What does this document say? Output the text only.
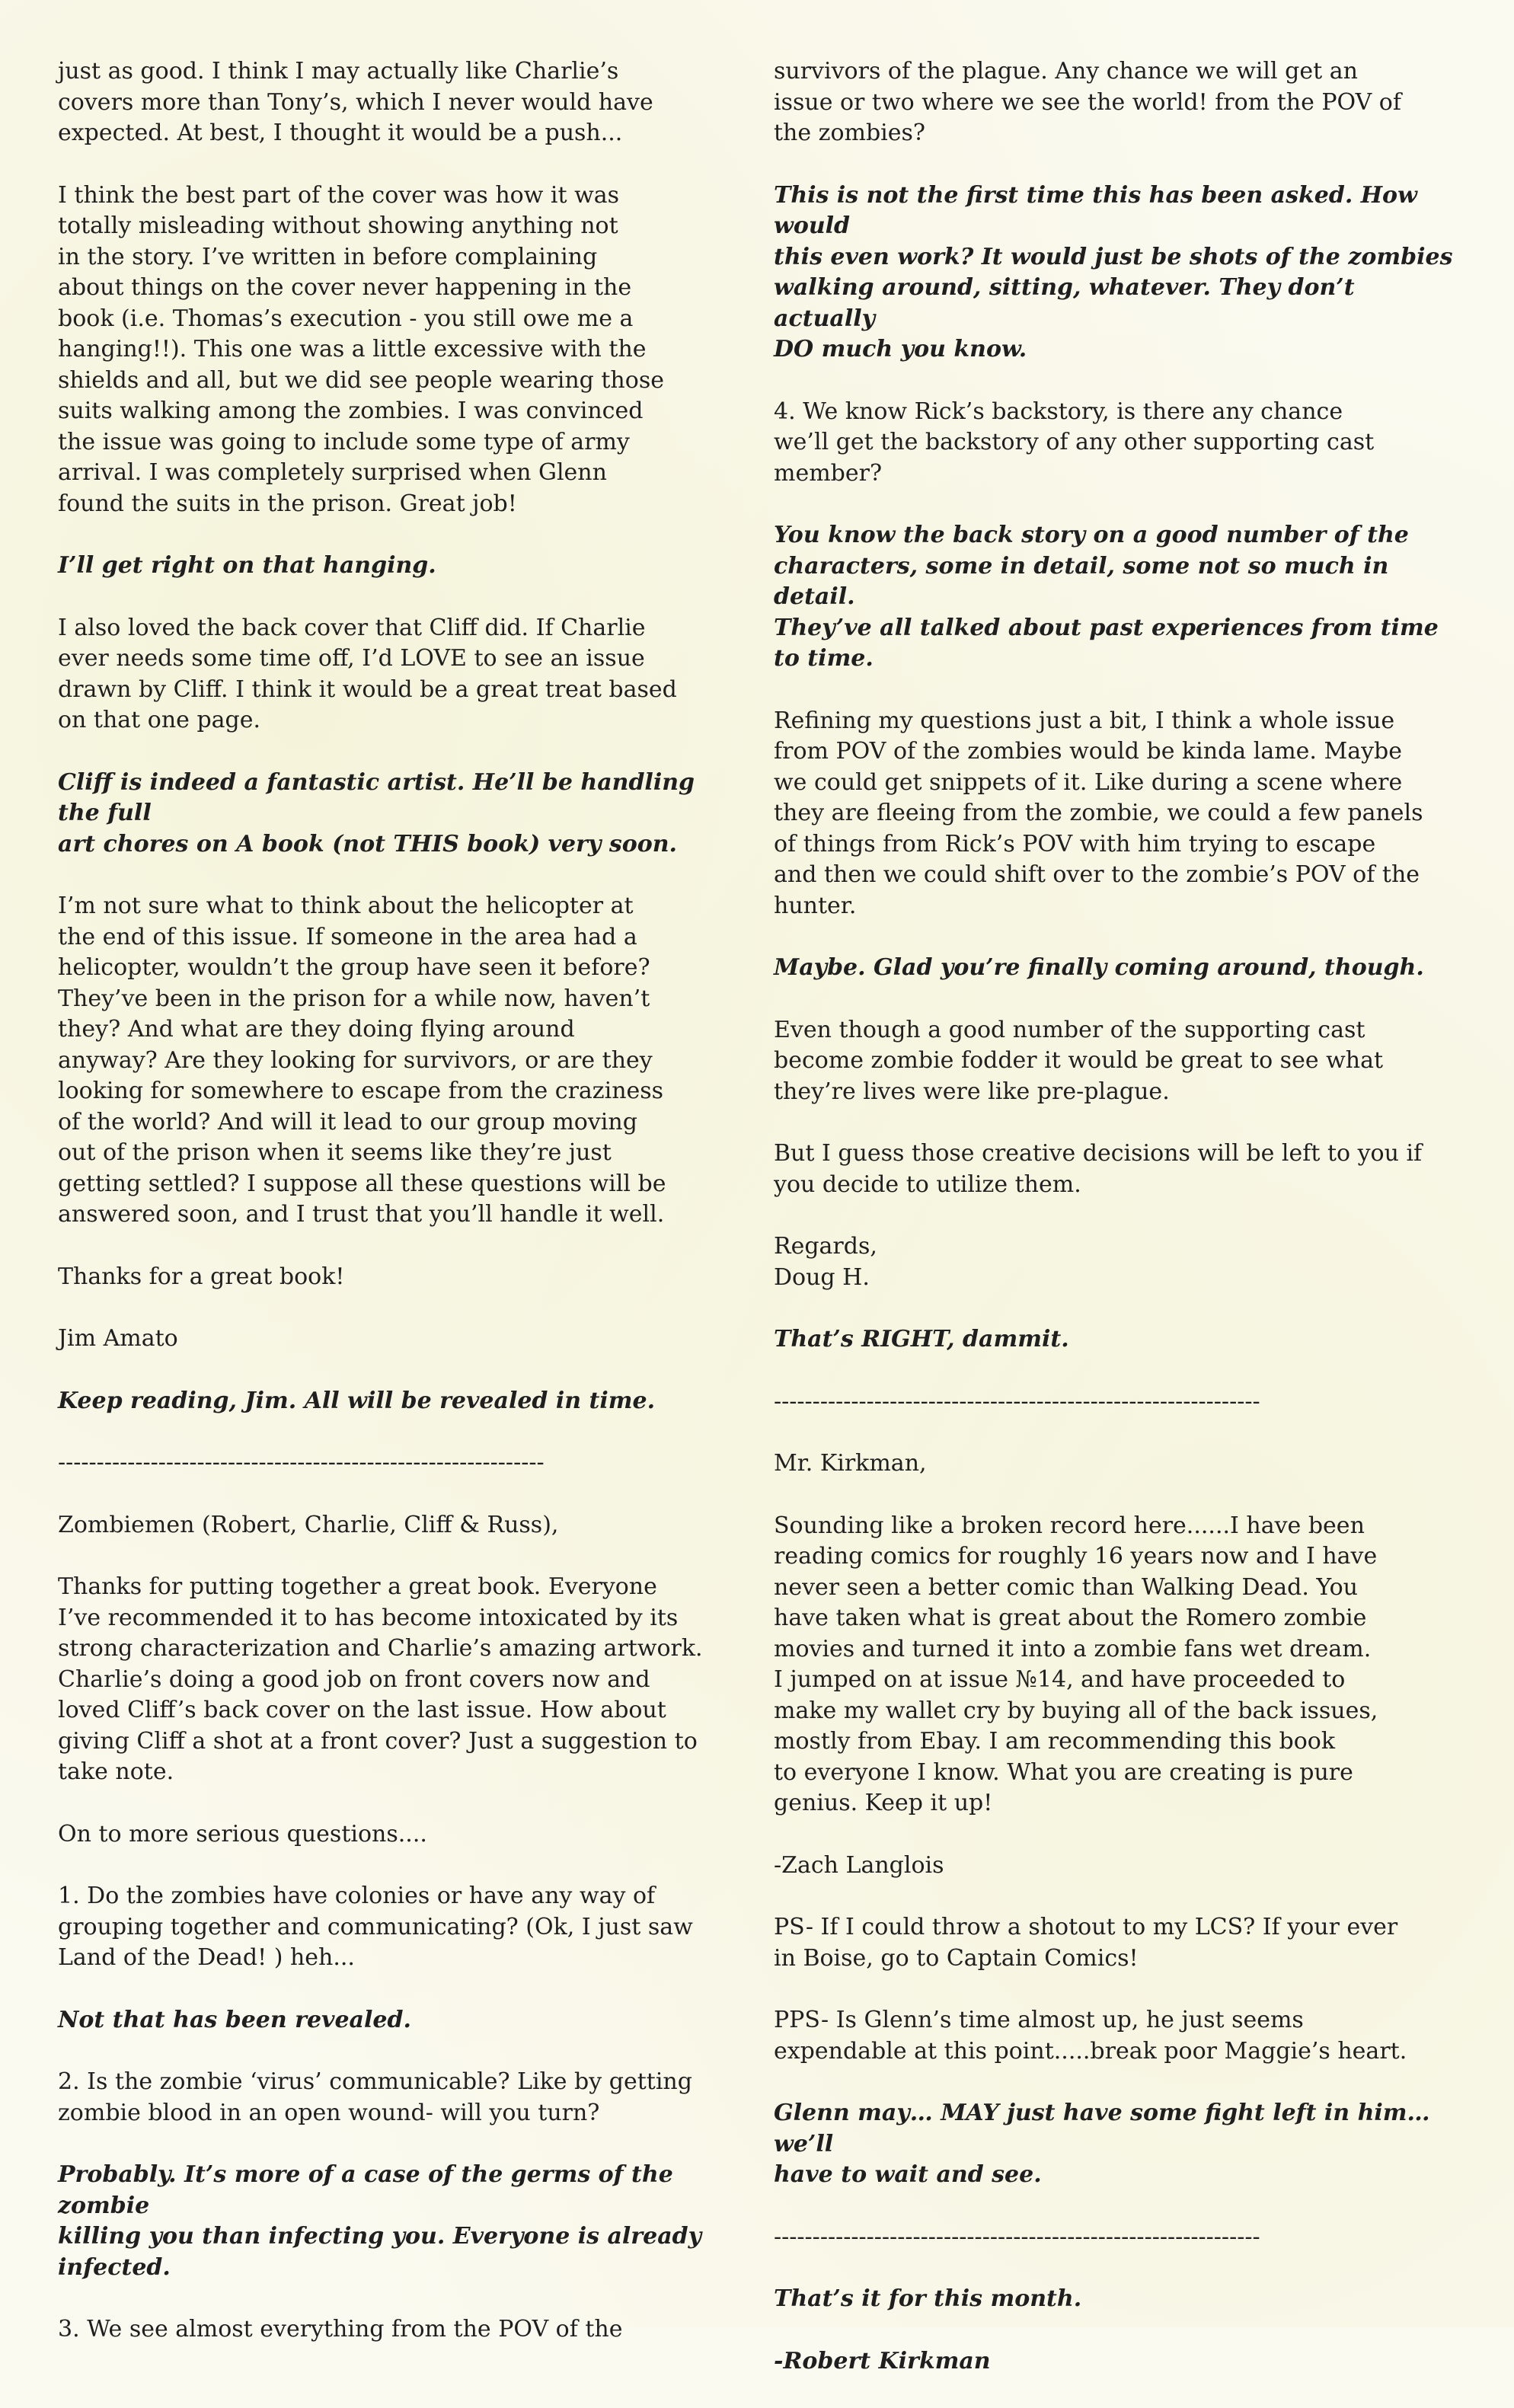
just as good. I think I may actually like Charlie’s
covers more than Tony’s, which I never would have
expected. At best, I thought it would be a push...

I think the best part of the cover was how it was
totally misleading without showing anything not
in the story. I’ve written in before complaining
about things on the cover never happening in the
book (i.e. Thomas’s execution - you still owe me a
hanging!!). This one was a little excessive with the
shields and all, but we did see people wearing those
suits walking among the zombies. I was convinced
the issue was going to include some type of army
arrival. I was completely surprised when Glenn
found the suits in the prison. Great job!

I’ll get right on that hanging.

I also loved the back cover that Cliff did. If Charlie
ever needs some time off, I’d LOVE to see an issue
drawn by Cliff. I think it would be a great treat based
on that one page.

Cliff is indeed a fantastic artist. He’ll be handling the full
art chores on A book (not THIS book) very soon.

I’m not sure what to think about the helicopter at
the end of this issue. If someone in the area had a
helicopter, wouldn’t the group have seen it before?
They’ve been in the prison for a while now, haven’t
they? And what are they doing flying around
anyway? Are they looking for survivors, or are they
looking for somewhere to escape from the craziness
of the world? And will it lead to our group moving
out of the prison when it seems like they’re just
getting settled? I suppose all these questions will be
answered soon, and I trust that you’ll handle it well.

Thanks for a great book!

Jim Amato

Keep reading, Jim. All will be revealed in time.

---------------------------------------------------------------

Zombiemen (Robert, Charlie, Cliff & Russ),

Thanks for putting together a great book. Everyone
I’ve recommended it to has become intoxicated by its
strong characterization and Charlie’s amazing artwork.
Charlie’s doing a good job on front covers now and
loved Cliff’s back cover on the last issue. How about
giving Cliff a shot at a front cover? Just a suggestion to
take note.

On to more serious questions....

1. Do the zombies have colonies or have any way of
grouping together and communicating? (Ok, I just saw
Land of the Dead! ) heh...

Not that has been revealed.

2. Is the zombie ‘virus’ communicable? Like by getting
zombie blood in an open wound- will you turn?

Probably. It’s more of a case of the germs of the zombie
killing you than infecting you. Everyone is already infected.

3. We see almost everything from the POV of the

survivors of the plague. Any chance we will get an
issue or two where we see the world! from the POV of
the zombies?

This is not the first time this has been asked. How would
this even work? It would just be shots of the zombies
walking around, sitting, whatever. They don’t actually
DO much you know.

4. We know Rick’s backstory, is there any chance
we’ll get the backstory of any other supporting cast
member?

You know the back story on a good number of the
characters, some in detail, some not so much in detail.
They’ve all talked about past experiences from time to time.

Refining my questions just a bit, I think a whole issue
from POV of the zombies would be kinda lame. Maybe
we could get snippets of it. Like during a scene where
they are fleeing from the zombie, we could a few panels
of things from Rick’s POV with him trying to escape
and then we could shift over to the zombie’s POV of the
hunter.

Maybe. Glad you’re finally coming around, though.

Even though a good number of the supporting cast
become zombie fodder it would be great to see what
they’re lives were like pre-plague.

But I guess those creative decisions will be left to you if
you decide to utilize them.

Regards,
Doug H.

That’s RIGHT, dammit.

---------------------------------------------------------------

Mr. Kirkman,

Sounding like a broken record here......I have been
reading comics for roughly 16 years now and I have
never seen a better comic than Walking Dead. You
have taken what is great about the Romero zombie
movies and turned it into a zombie fans wet dream.
I jumped on at issue №14, and have proceeded to
make my wallet cry by buying all of the back issues,
mostly from Ebay. I am recommending this book
to everyone I know. What you are creating is pure
genius. Keep it up!

-Zach Langlois

PS- If I could throw a shotout to my LCS? If your ever
in Boise, go to Captain Comics!

PPS- Is Glenn’s time almost up, he just seems
expendable at this point.....break poor Maggie’s heart.

Glenn may… MAY just have some fight left in him… we’ll
have to wait and see.

---------------------------------------------------------------

That’s it for this month.

-Robert Kirkman
